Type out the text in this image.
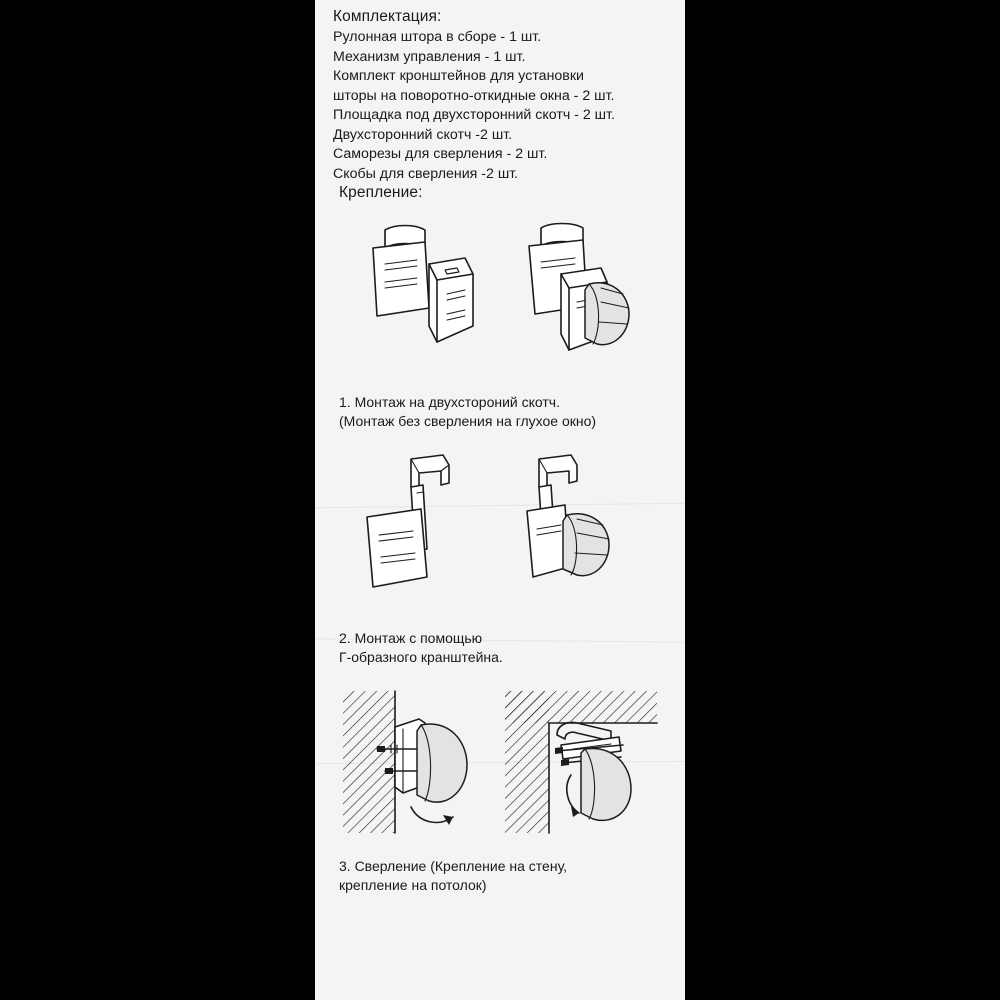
Комплектация:
Рулонная штора в сборе - 1 шт.
Механизм управления - 1 шт.
Комплект кронштейнов для установки
шторы на поворотно-откидные окна - 2 шт.
Площадка под двухсторонний скотч - 2 шт.
Двухсторонний скотч -2 шт.
Саморезы для сверления - 2 шт.
Скобы для сверления -2 шт.
Крепление:
1. Монтаж на двухстороний скотч.
(Монтаж без сверления на глухое окно)
2. Монтаж с помощью
Г-образного кранштейна.
3. Сверление (Крепление на стену,
крепление на потолок)
